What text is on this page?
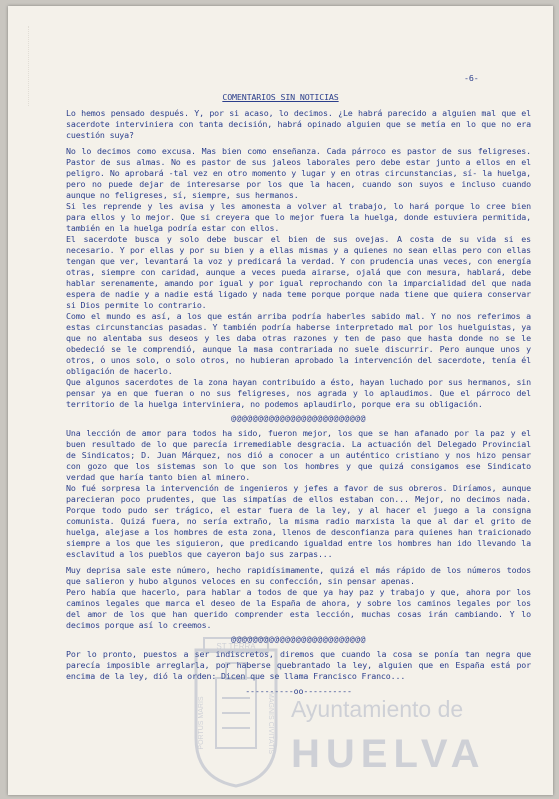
-6-
COMENTARIOS SIN NOTICIAS

Lo hemos pensado después. Y, por si acaso, lo decimos. ¿Le habrá parecido a alguien mal que el sacerdote interviniera con tanta decisión, habrá opinado alguien que se metía en lo que no era cuestión suya?

No lo decimos como excusa. Mas bien como enseñanza. Cada párroco es pastor de sus feligreses. Pastor de sus almas. No es pastor de sus jaleos laborales pero debe estar junto a ellos en el peligro. No aprobará -tal vez en otro momento y lugar y en otras circunstancias, sí- la huelga, pero no puede dejar de interesarse por los que la hacen, cuando son suyos e incluso cuando aunque no feligreses, sí, siempre, sus hermanos.

Si les reprende y les avisa y les amonesta a volver al trabajo, lo hará porque lo cree bien para ellos y lo mejor. Que si creyera que lo mejor fuera la huelga, donde estuviera permitida, también en la huelga podría estar con ellos.

El sacerdote busca y solo debe buscar el bien de sus ovejas. A costa de su vida si es necesario. Y por ellas y por su bien y a ellas mismas y a quienes no sean ellas pero con ellas tengan que ver, levantará la voz y predicará la verdad. Y con prudencia unas veces, con energía otras, siempre con caridad, aunque a veces pueda airarse, ojalá que con mesura, hablará, debe hablar serenamente, amando por igual y por igual reprochando con la imparcialidad del que nada espera de nadie y a nadie está ligado y nada teme porque porque nada tiene que quiera conservar si Dios permite lo contrario.

Como el mundo es así, a los que están arriba podría haberles sabido mal. Y no nos referimos a estas circunstancias pasadas. Y también podría haberse interpretado mal por los huelguistas, ya que no alentaba sus deseos y les daba otras razones y ten de paso que hasta donde no se le obedeció se le comprendió, aunque la masa contrariada no suele discurrir. Pero aunque unos y otros, o unos solo, o solo otros, no hubieran aprobado la intervención del sacerdote, tenía él obligación de hacerlo.

Que algunos sacerdotes de la zona hayan contribuido a ésto, hayan luchado por sus hermanos, sin pensar ya en que fueran o no sus feligreses, nos agrada y lo aplaudimos. Que el párroco del territorio de la huelga interviniera, no podemos aplaudirlo, porque era su obligación.

@@@@@@@@@@@@@@@@@@@@@@@@@

Una lección de amor para todos ha sido, fueron mejor, los que se han afanado por la paz y el buen resultado de lo que parecía irremediable desgracia. La actuación del Delegado Provincial de Sindicatos; D. Juan Márquez, nos dió a conocer a un auténtico cristiano y nos hizo pensar con gozo que los sistemas son lo que son los hombres y que quizá consigamos ese Sindicato verdad que haría tanto bien al minero.

No fué sorpresa la intervención de ingenieros y jefes a favor de sus obreros. Diríamos, aunque parecieran poco prudentes, que las simpatías de ellos estaban con... Mejor, no decimos nada. Porque todo pudo ser trágico, el estar fuera de la ley, y al hacer el juego a la consigna comunista. Quizá fuera, no sería extraño, la misma radio marxista la que al dar el grito de huelga, alejase a los hombres de esta zona, llenos de desconfianza para quienes han traicionado siempre a los que les siguieron, que predicando igualdad entre los hombres han ido llevando la esclavitud a los pueblos que cayeron bajo sus zarpas...

Muy deprisa sale este número, hecho rapidísimamente, quizá el más rápido de los números todos que salieron y hubo algunos veloces en su confección, sin pensar apenas.

Pero había que hacerlo, para hablar a todos de que ya hay paz y trabajo y que, ahora por los caminos legales que marca el deseo de la España de ahora, y sobre los caminos legales por los del amor de los que han querido comprender esta lección, muchas cosas irán cambiando. Y lo decimos porque así lo creemos.

@@@@@@@@@@@@@@@@@@@@@@@@@

Por lo pronto, puestos a ser indiscretos, diremos que cuando la cosa se ponía tan negra que parecía imposible arreglarla, por haberse quebrantado la ley, alguien que en España está por encima de la ley, dió la orden: Dicen que se llama Francisco Franco...

----------oo----------
ST TERRA
PORTUS MARIS	MAGNIS CIVITATIS Ayuntamiento de
HUELVA
